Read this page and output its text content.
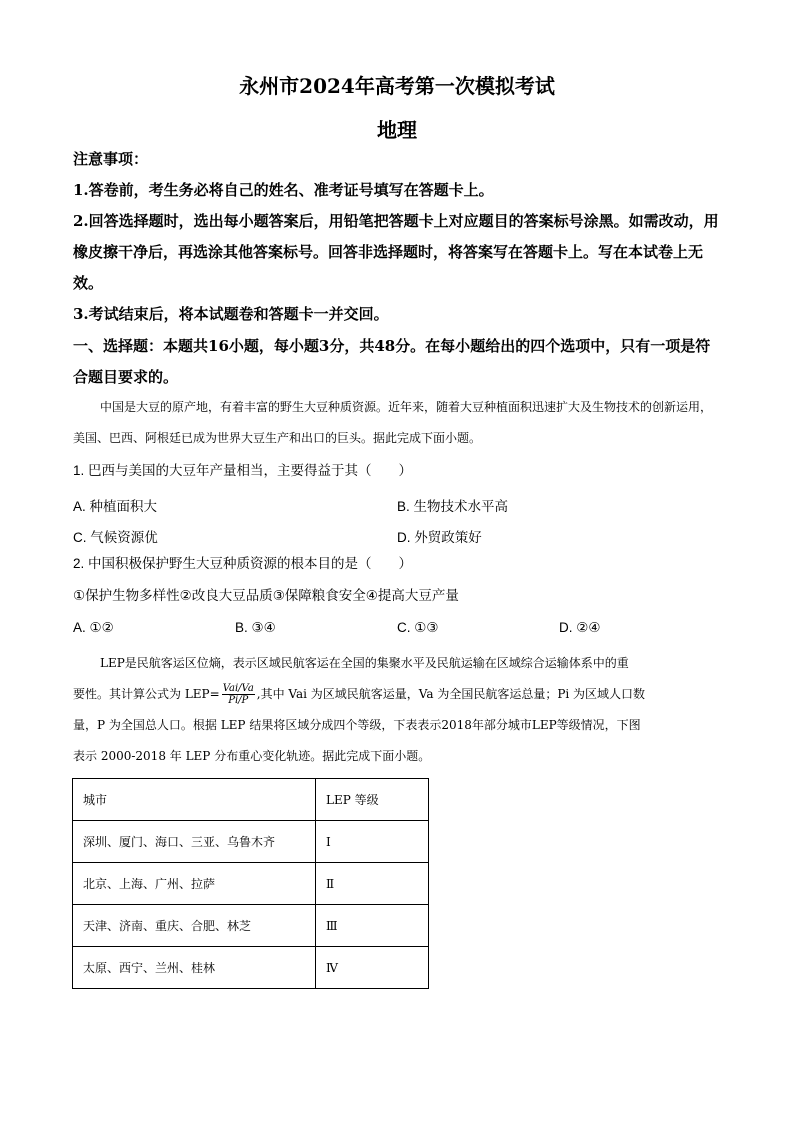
永州市2024年高考第一次模拟考试
地理
注意事项：
1.答卷前，考生务必将自己的姓名、准考证号填写在答题卡上。
2.回答选择题时，选出每小题答案后，用铅笔把答题卡上对应题目的答案标号涂黑。如需改动，用橡皮擦干净后，再选涂其他答案标号。回答非选择题时，将答案写在答题卡上。写在本试卷上无效。
3.考试结束后，将本试题卷和答题卡一并交回。
一、选择题：本题共16小题，每小题3分，共48分。在每小题给出的四个选项中，只有一项是符合题目要求的。
中国是大豆的原产地，有着丰富的野生大豆种质资源。近年来，随着大豆种植面积迅速扩大及生物技术的创新运用，美国、巴西、阿根廷已成为世界大豆生产和出口的巨头。据此完成下面小题。
1. 巴西与美国的大豆年产量相当，主要得益于其（　　）
A. 种植面积大	B. 生物技术水平高
C. 气候资源优	D. 外贸政策好
2. 中国积极保护野生大豆种质资源的根本目的是（　　）
①保护生物多样性②改良大豆品质③保障粮食安全④提高大豆产量
A. ①②	B. ③④	C. ①③	D. ②④
LEP是民航客运区位熵，表示区域民航客运在全国的集聚水平及民航运输在区域综合运输体系中的重
要性。其计算公式为 $LEP= \frac{\text{Vai/Va}}{Pi/P}$ ,其中 Vai 为区域民航客运量，Va 为全国民航客运总量；Pi 为区域人口数
量，P 为全国总人口。根据 LEP 结果将区域分成四个等级，下表表示2018年部分城市LEP等级情况，下图
表示 2000-2018 年 LEP 分布重心变化轨迹。据此完成下面小题。
城市	LEP 等级
深圳、厦门、海口、三亚、乌鲁木齐	Ⅰ
北京、上海、广州、拉萨	Ⅱ
天津、济南、重庆、合肥、林芝	Ⅲ
太原、西宁、兰州、桂林	Ⅳ
